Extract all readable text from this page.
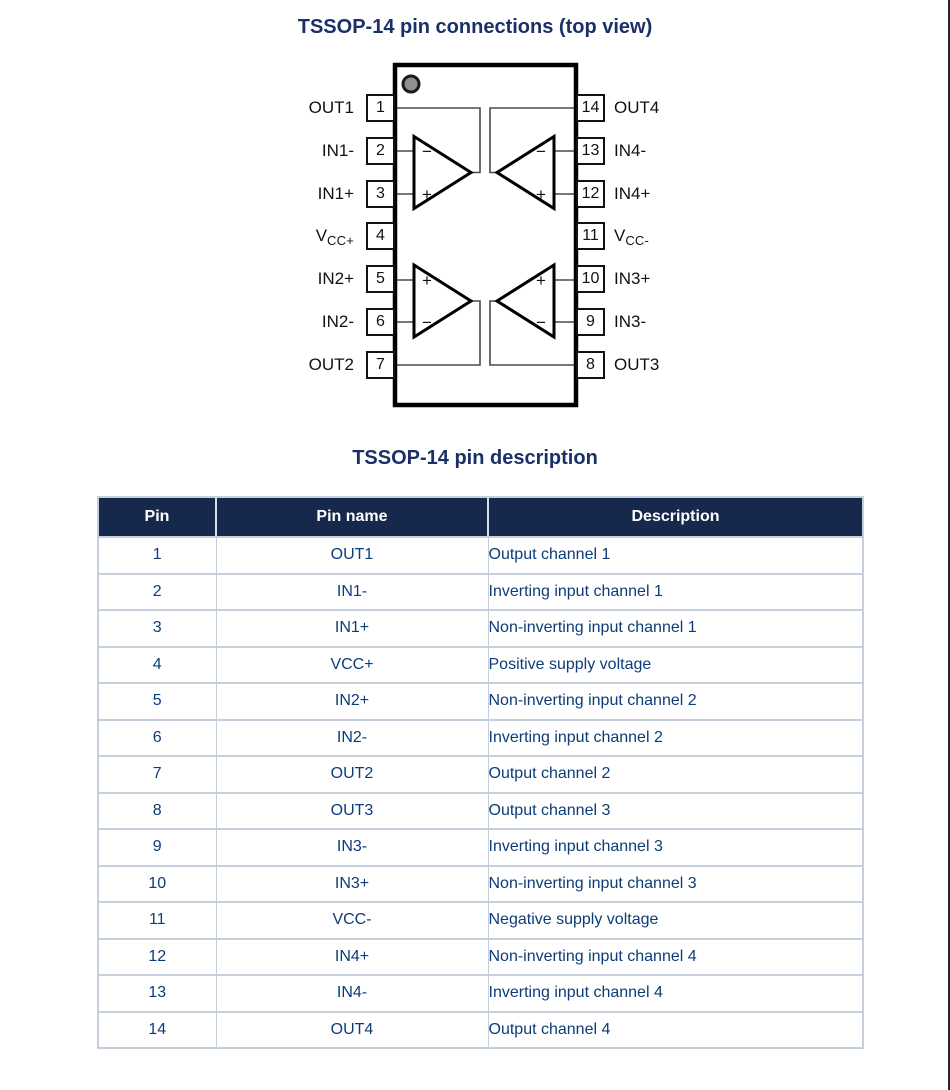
TSSOP-14 pin connections (top view)
−
+
−
+
+
−
+
−
OUT1	1
IN1-	2
IN1+	3
$V_{CC+}$	4
IN2+	5
IN2-	6
OUT2	7
OUT4
14
IN4-
13
IN4+
12
$V_{CC-}$
11
IN3+
10
IN3-
9
OUT3
8
TSSOP-14 pin description
Pin	Pin name	Description
1	OUT1	Output channel 1
2	IN1-	Inverting input channel 1
3	IN1+	Non-inverting input channel 1
4	VCC+	Positive supply voltage
5	IN2+	Non-inverting input channel 2
6	IN2-	Inverting input channel 2
7	OUT2	Output channel 2
8	OUT3	Output channel 3
9	IN3-	Inverting input channel 3
10	IN3+	Non-inverting input channel 3
11	VCC-	Negative supply voltage
12	IN4+	Non-inverting input channel 4
13	IN4-	Inverting input channel 4
14	OUT4	Output channel 4
